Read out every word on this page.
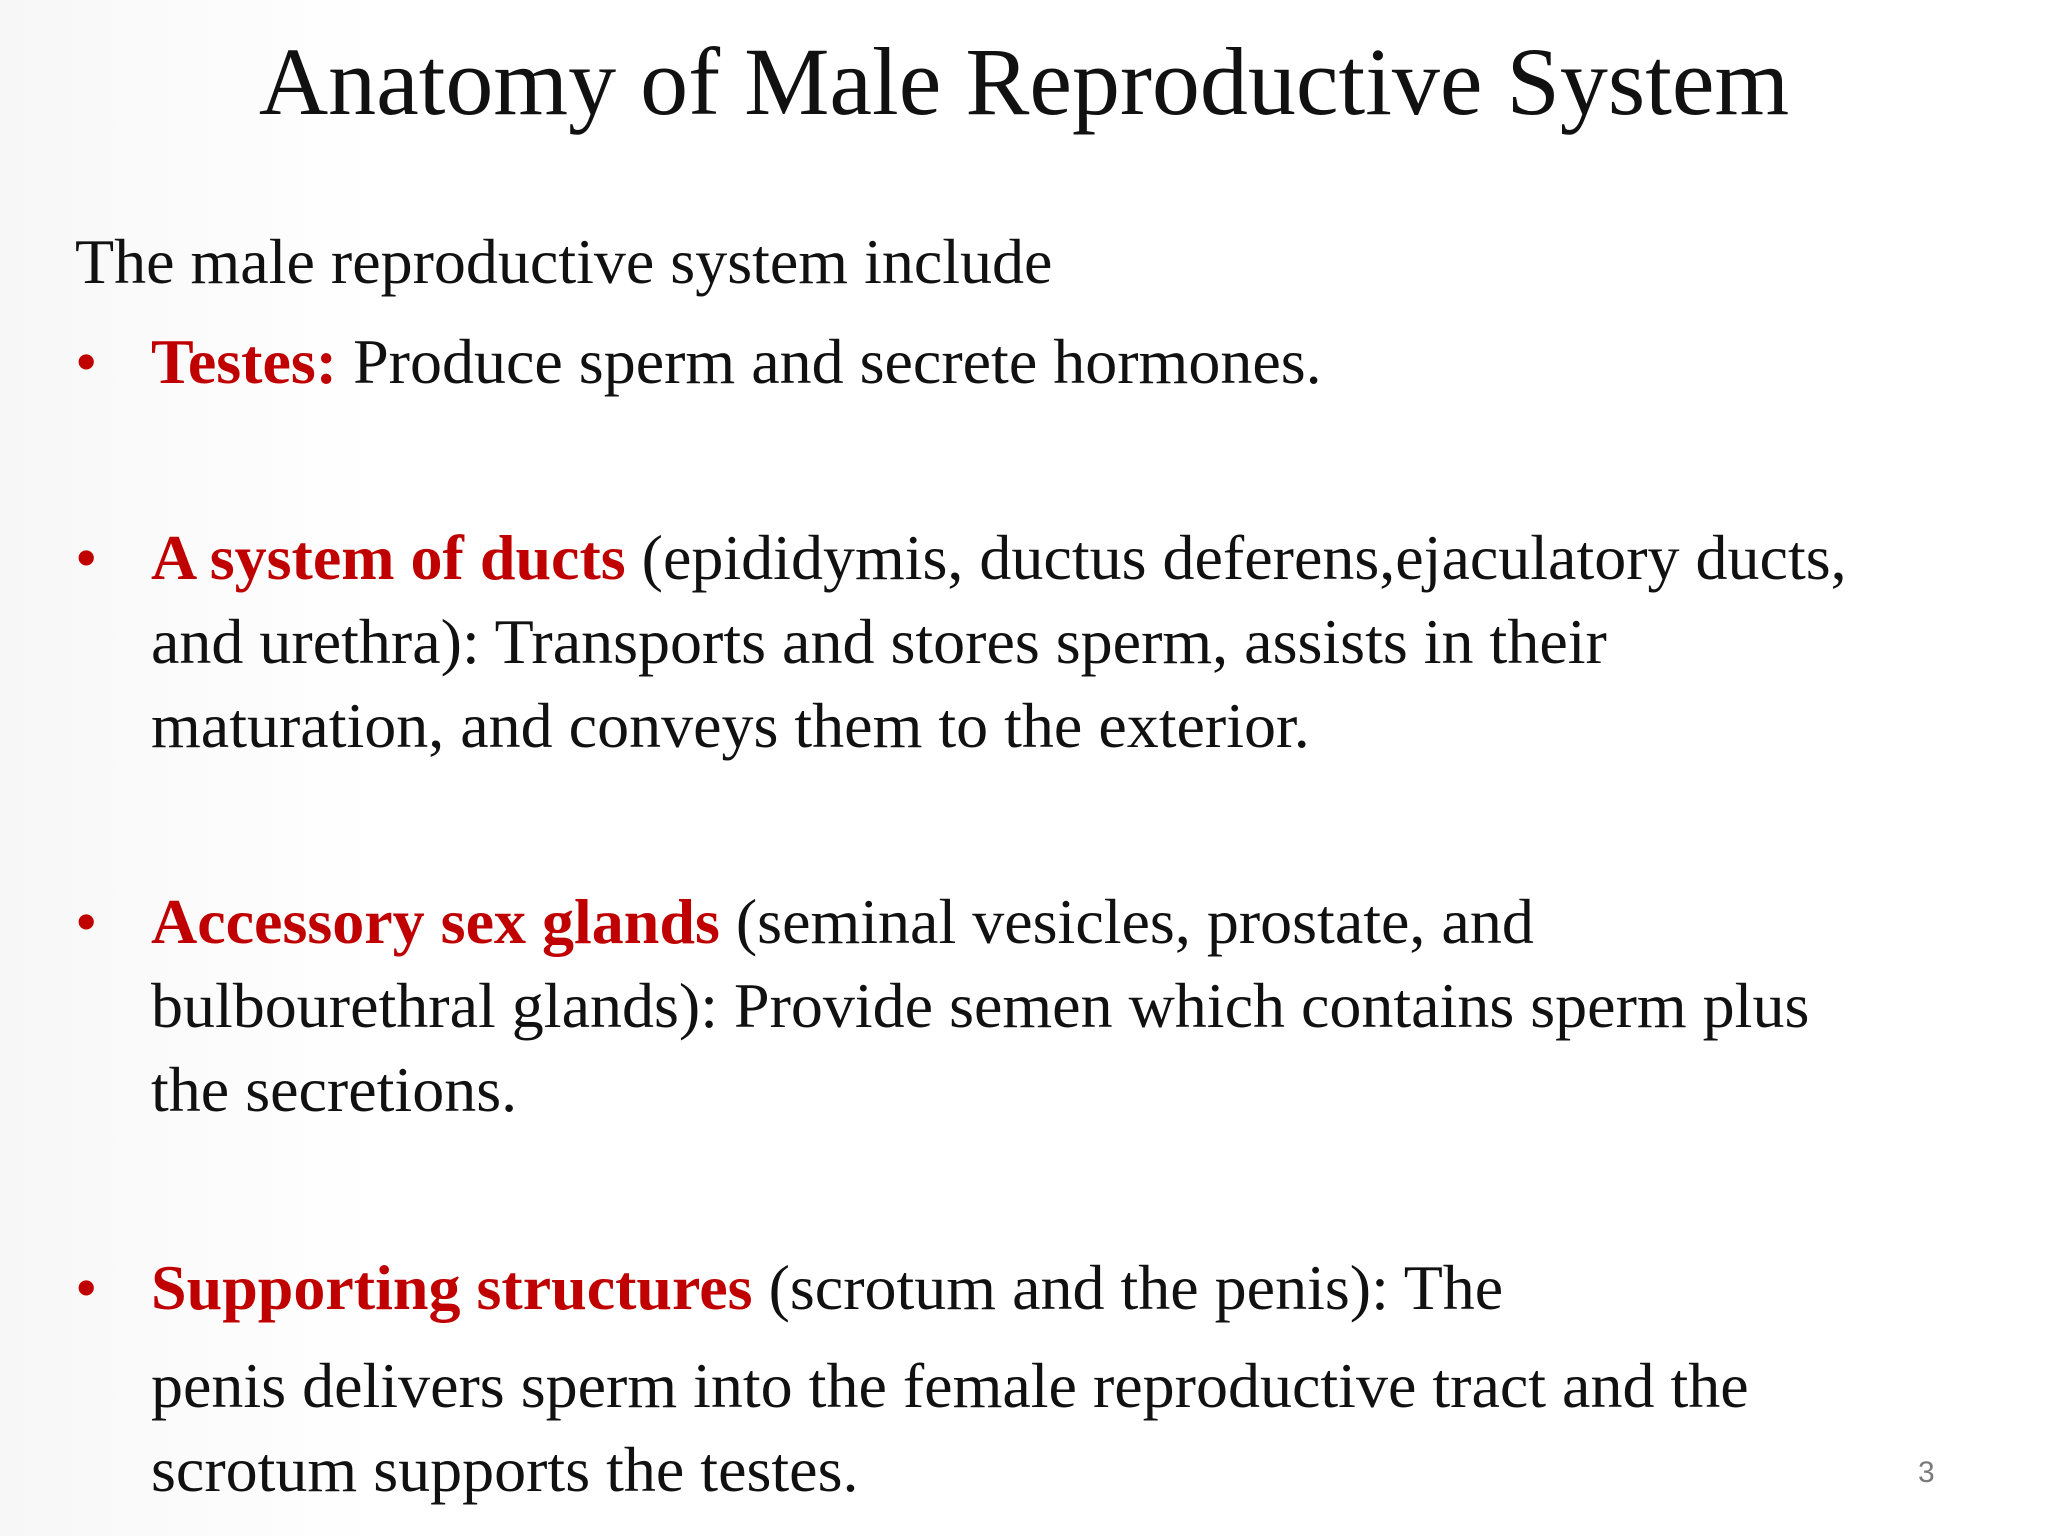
Anatomy of Male Reproductive System
The male reproductive system include
• Testes: Produce sperm and secrete hormones.
• A system of ducts (epididymis, ductus deferens,ejaculatory ducts,
and urethra): Transports and stores sperm, assists in their
maturation, and conveys them to the exterior.
• Accessory sex glands (seminal vesicles, prostate, and
bulbourethral glands): Provide semen which contains sperm plus
the secretions.
• Supporting structures (scrotum and the penis): The
penis delivers sperm into the female reproductive tract and the
scrotum supports the testes.	3
